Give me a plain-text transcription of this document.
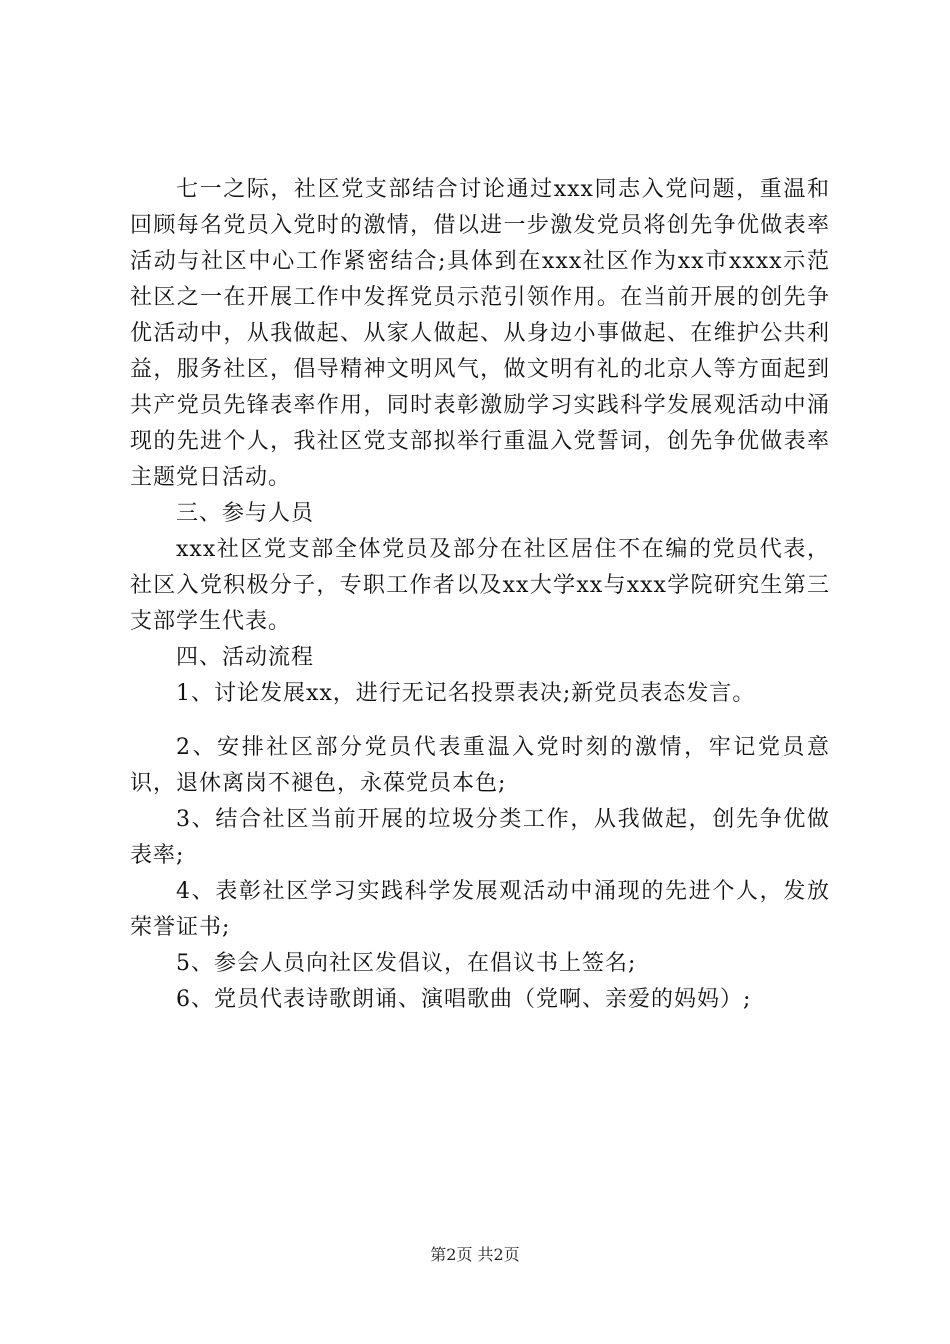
七一之际，社区党支部结合讨论通过xxx同志入党问题，重温和回顾每名党员入党时的激情，借以进一步激发党员将创先争优做表率活动与社区中心工作紧密结合;具体到在xxx社区作为xx市xxxx示范社区之一在开展工作中发挥党员示范引领作用。在当前开展的创先争优活动中，从我做起、从家人做起、从身边小事做起、在维护公共利益，服务社区，倡导精神文明风气，做文明有礼的北京人等方面起到共产党员先锋表率作用，同时表彰激励学习实践科学发展观活动中涌现的先进个人，我社区党支部拟举行重温入党誓词，创先争优做表率主题党日活动。

三、参与人员

xxx社区党支部全体党员及部分在社区居住不在编的党员代表，社区入党积极分子，专职工作者以及xx大学xx与xxx学院研究生第三支部学生代表。

四、活动流程

1、讨论发展xx，进行无记名投票表决;新党员表态发言。

2、安排社区部分党员代表重温入党时刻的激情，牢记党员意识，退休离岗不褪色，永葆党员本色;

3、结合社区当前开展的垃圾分类工作，从我做起，创先争优做表率;

4、表彰社区学习实践科学发展观活动中涌现的先进个人，发放荣誉证书;

5、参会人员向社区发倡议，在倡议书上签名;

6、党员代表诗歌朗诵、演唱歌曲（党啊、亲爱的妈妈）;

第2页 共2页
